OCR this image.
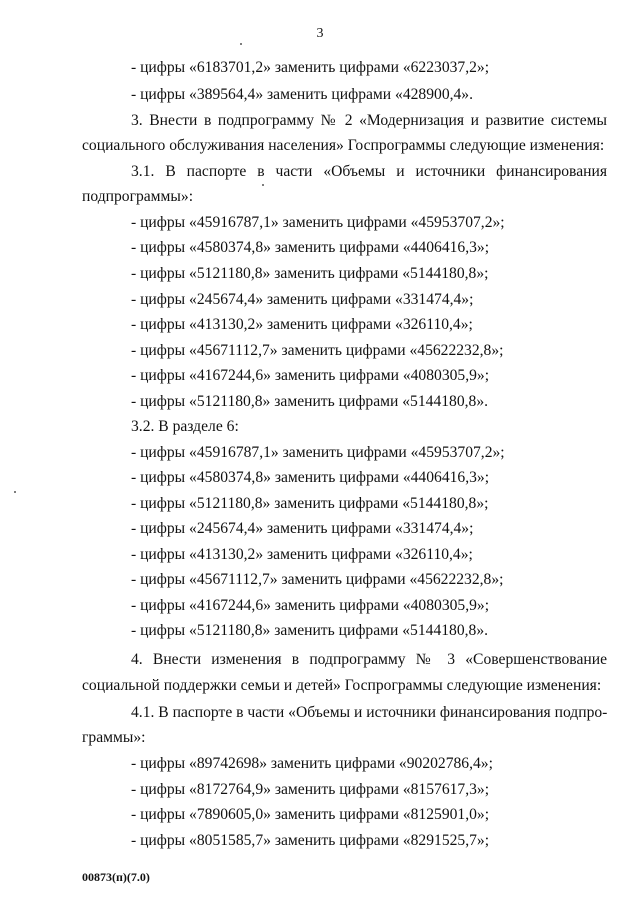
3
- цифры «6183701,2» заменить цифрами «6223037,2»;
- цифры «389564,4» заменить цифрами «428900,4».
3. Внести в подпрограмму № 2 «Модернизация и развитие системы
социального обслуживания населения» Госпрограммы следующие изменения:
3.1. В паспорте в части «Объемы и источники финансирования
подпрограммы»:
- цифры «45916787,1» заменить цифрами «45953707,2»;
- цифры «4580374,8» заменить цифрами «4406416,3»;
- цифры «5121180,8» заменить цифрами «5144180,8»;
- цифры «245674,4» заменить цифрами «331474,4»;
- цифры «413130,2» заменить цифрами «326110,4»;
- цифры «45671112,7» заменить цифрами «45622232,8»;
- цифры «4167244,6» заменить цифрами «4080305,9»;
- цифры «5121180,8» заменить цифрами «5144180,8».
3.2. В разделе 6:
- цифры «45916787,1» заменить цифрами «45953707,2»;
- цифры «4580374,8» заменить цифрами «4406416,3»;
- цифры «5121180,8» заменить цифрами «5144180,8»;
- цифры «245674,4» заменить цифрами «331474,4»;
- цифры «413130,2» заменить цифрами «326110,4»;
- цифры «45671112,7» заменить цифрами «45622232,8»;
- цифры «4167244,6» заменить цифрами «4080305,9»;
- цифры «5121180,8» заменить цифрами «5144180,8».
4. Внести изменения в подпрограмму № 3 «Совершенствование
социальной поддержки семьи и детей» Госпрограммы следующие изменения:
4.1. В паспорте в части «Объемы и источники финансирования подпро-
граммы»:
- цифры «89742698» заменить цифрами «90202786,4»;
- цифры «8172764,9» заменить цифрами «8157617,3»;
- цифры «7890605,0» заменить цифрами «8125901,0»;
- цифры «8051585,7» заменить цифрами «8291525,7»;
00873(п)(7.0)
